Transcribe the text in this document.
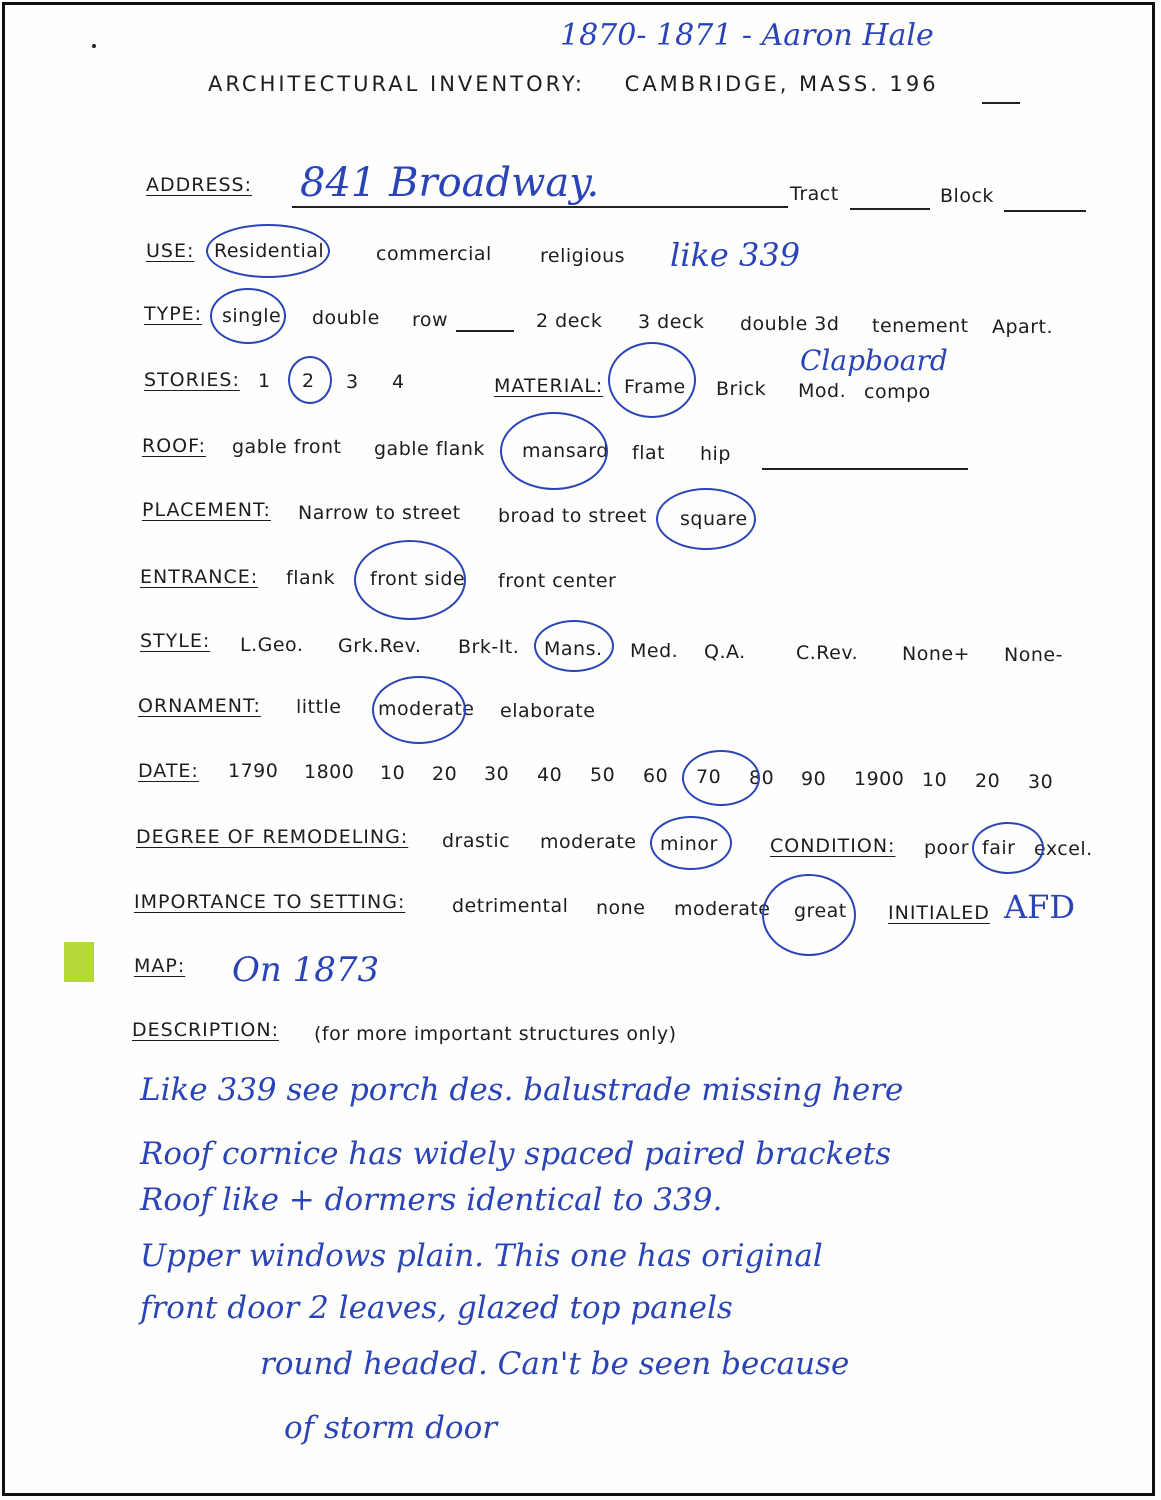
1870- 1871 - Aaron Hale
ARCHITECTURAL INVENTORY: CAMBRIDGE, MASS. 196
ADDRESS: 841 Broadway.	Tract	Block
USE: Residential	commercial	religious like 339
TYPE: single double row	2 deck 3 deck double 3d tenement Apart.
STORIES: 1 2 3 4	MATERIAL: Frame Brick Mod. compo
Clapboard
ROOF: gable front gable flank mansard flat hip
PLACEMENT: Narrow to street broad to street square
ENTRANCE: flank front side front center
STYLE: L.Geo. Grk.Rev. Brk-It. Mans. Med. Q.A.	C.Rev. None+ None-
ORNAMENT: little moderate elaborate
DATE: 1790 1800 10 20 30 40 50 60 70 80 90 1900 10 20 30
DEGREE OF REMODELING: drastic moderate minor	CONDITION: poor fair excel.
IMPORTANCE TO SETTING: detrimental none moderate great INITIALED AFD
MAP: On 1873
DESCRIPTION: (for more important structures only)
Like 339 see porch des. balustrade missing here
Roof cornice has widely spaced paired brackets
Roof like + dormers identical to 339.
Upper windows plain. This one has original
front door 2 leaves, glazed top panels
round headed. Can't be seen because
of storm door
